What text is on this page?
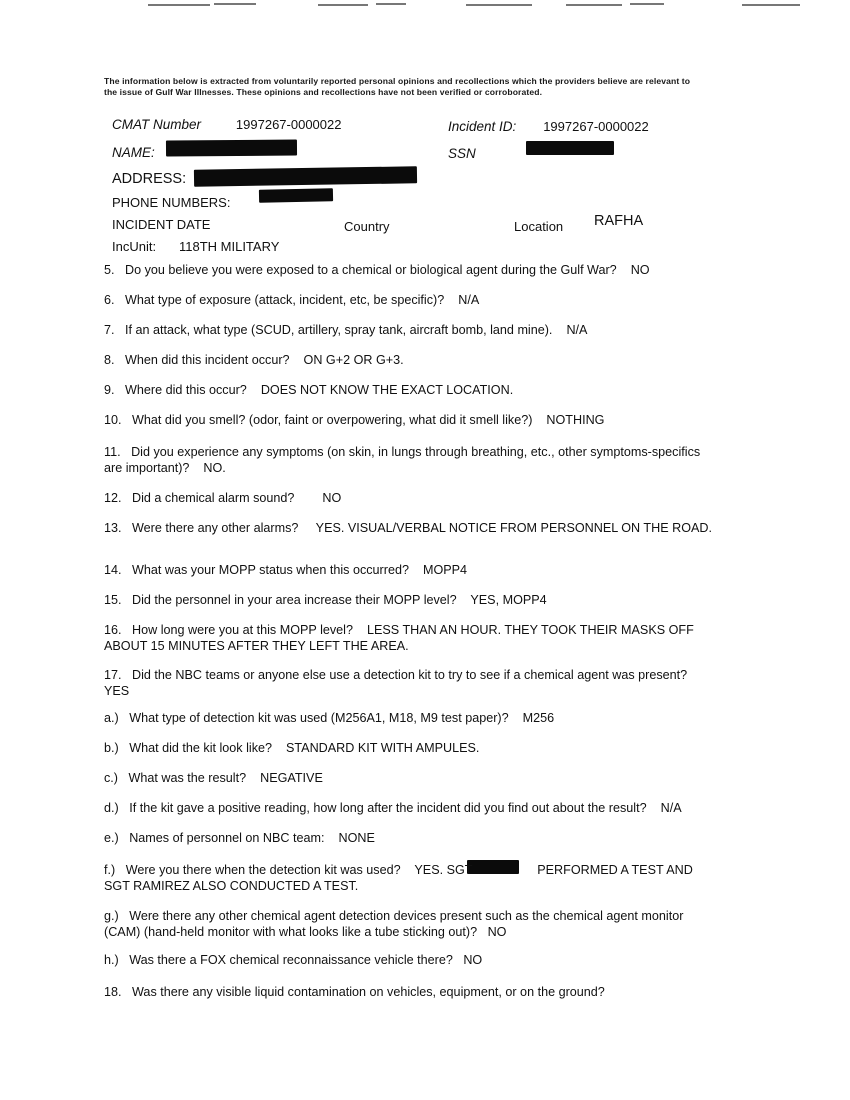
The information below is extracted from voluntarily reported personal opinions and recollections which the providers believe are relevant to the issue of Gulf War Illnesses. These opinions and recollections have not been verified or corroborated.
CMAT Number	1997267-0000022	Incident ID: 1997267-0000022
NAME:	SSN
ADDRESS:
PHONE NUMBERS:
INCIDENT DATE	Country	Location RAFHA
IncUnit: 118TH MILITARY
5. Do you believe you were exposed to a chemical or biological agent during the Gulf War? NO
6. What type of exposure (attack, incident, etc, be specific)? N/A
7. If an attack, what type (SCUD, artillery, spray tank, aircraft bomb, land mine). N/A
8. When did this incident occur? ON G+2 OR G+3.
9. Where did this occur? DOES NOT KNOW THE EXACT LOCATION.
10. What did you smell? (odor, faint or overpowering, what did it smell like?) NOTHING
11. Did you experience any symptoms (on skin, in lungs through breathing, etc., other symptoms-specifics are important)? NO.
12. Did a chemical alarm sound? NO
13. Were there any other alarms? YES. VISUAL/VERBAL NOTICE FROM PERSONNEL ON THE ROAD.
14. What was your MOPP status when this occurred? MOPP4
15. Did the personnel in your area increase their MOPP level? YES, MOPP4
16. How long were you at this MOPP level? LESS THAN AN HOUR. THEY TOOK THEIR MASKS OFF ABOUT 15 MINUTES AFTER THEY LEFT THE AREA.
17. Did the NBC teams or anyone else use a detection kit to try to see if a chemical agent was present?   YES
a.) What type of detection kit was used (M256A1, M18, M9 test paper)? M256
b.) What did the kit look like? STANDARD KIT WITH AMPULES.
c.) What was the result? NEGATIVE
d.) If the kit gave a positive reading, how long after the incident did you find out about the result? N/A
e.) Names of personnel on NBC team: NONE
f.) Were you there when the detection kit was used? YES. SGT	PERFORMED A TEST AND SGT RAMIREZ ALSO CONDUCTED A TEST.
g.) Were there any other chemical agent detection devices present such as the chemical agent monitor (CAM) (hand-held monitor with what looks like a tube sticking out)? NO
h.) Was there a FOX chemical reconnaissance vehicle there? NO
18. Was there any visible liquid contamination on vehicles, equipment, or on the ground?
